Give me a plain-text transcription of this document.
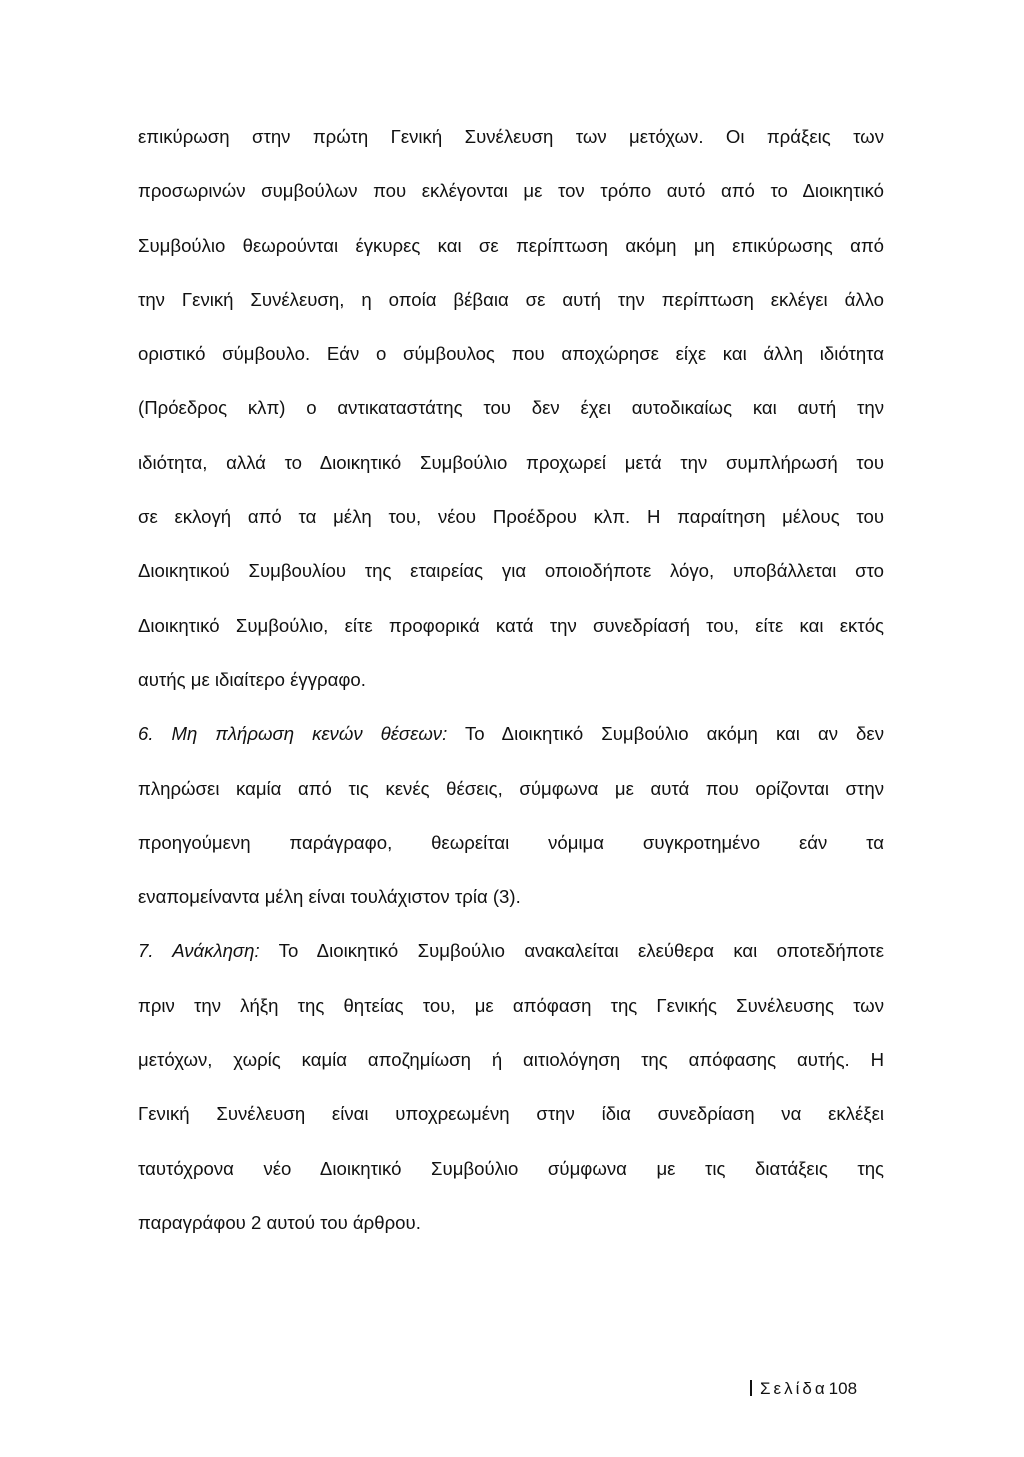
επικύρωση στην πρώτη Γενική Συνέλευση των μετόχων. Οι πράξεις των
προσωρινών συμβούλων που εκλέγονται με τον τρόπο αυτό από το Διοικητικό
Συμβούλιο θεωρούνται έγκυρες και σε περίπτωση ακόμη μη επικύρωσης από
την Γενική Συνέλευση, η οποία βέβαια σε αυτή την περίπτωση εκλέγει άλλο
οριστικό σύμβουλο. Εάν ο σύμβουλος που αποχώρησε είχε και άλλη ιδιότητα
(Πρόεδρος κλπ) ο αντικαταστάτης του δεν έχει αυτοδικαίως και αυτή την
ιδιότητα, αλλά το Διοικητικό Συμβούλιο προχωρεί μετά την συμπλήρωσή του
σε εκλογή από τα μέλη του, νέου Προέδρου κλπ. Η παραίτηση μέλους του
Διοικητικού Συμβουλίου της εταιρείας για οποιοδήποτε λόγο, υποβάλλεται στο
Διοικητικό Συμβούλιο, είτε προφορικά κατά την συνεδρίασή του, είτε και εκτός
αυτής με ιδιαίτερο έγγραφο.
6. Μη πλήρωση κενών θέσεων: Το Διοικητικό Συμβούλιο ακόμη και αν δεν
πληρώσει καμία από τις κενές θέσεις, σύμφωνα με αυτά που ορίζονται στην
προηγούμενη παράγραφο, θεωρείται νόμιμα συγκροτημένο εάν τα
εναπομείναντα μέλη είναι τουλάχιστον τρία (3).
7. Ανάκληση: Το Διοικητικό Συμβούλιο ανακαλείται ελεύθερα και οποτεδήποτε
πριν την λήξη της θητείας του, με απόφαση της Γενικής Συνέλευσης των
μετόχων, χωρίς καμία αποζημίωση ή αιτιολόγηση της απόφασης αυτής. Η
Γενική Συνέλευση είναι υποχρεωμένη στην ίδια συνεδρίαση να εκλέξει
ταυτόχρονα νέο Διοικητικό Συμβούλιο σύμφωνα με τις διατάξεις της
παραγράφου 2 αυτού του άρθρου.
Σελίδα108
